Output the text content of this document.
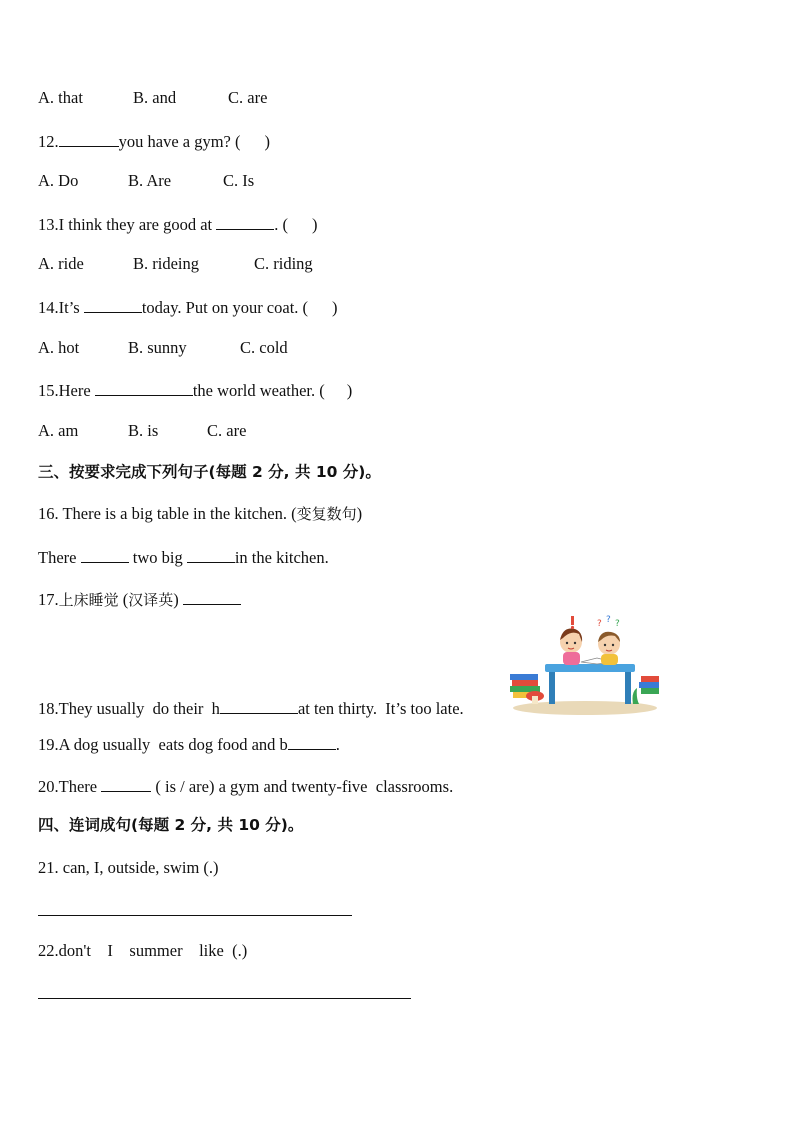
A. that	B. and	C. are
12.	you have a gym? ( )
A. Do	B. Are	C. Is
13.I think they are good at	. ( )
A. ride	B. rideing	C. riding
14.It’s	today. Put on your coat. ( )
A. hot	B. sunny	C. cold
15.Here	the world weather. ( )
A. am	B. is	C. are
三、按要求完成下列句子(每题 2 分, 共 10 分)。
16. There is a big table in the kitchen. (变复数句)
There	two big	in the kitchen.
17.上床睡觉 (汉译英)
? ? ?
18.They usually  do their  h	at ten thirty.  It’s too late.
19.A dog usually  eats dog food and b	.
20.There	( is / are) a gym and twenty-five  classrooms.
四、连词成句(每题 2 分, 共 10 分)。
21. can, I, outside, swim (.)
22.don't    I    summer    like  (.)
